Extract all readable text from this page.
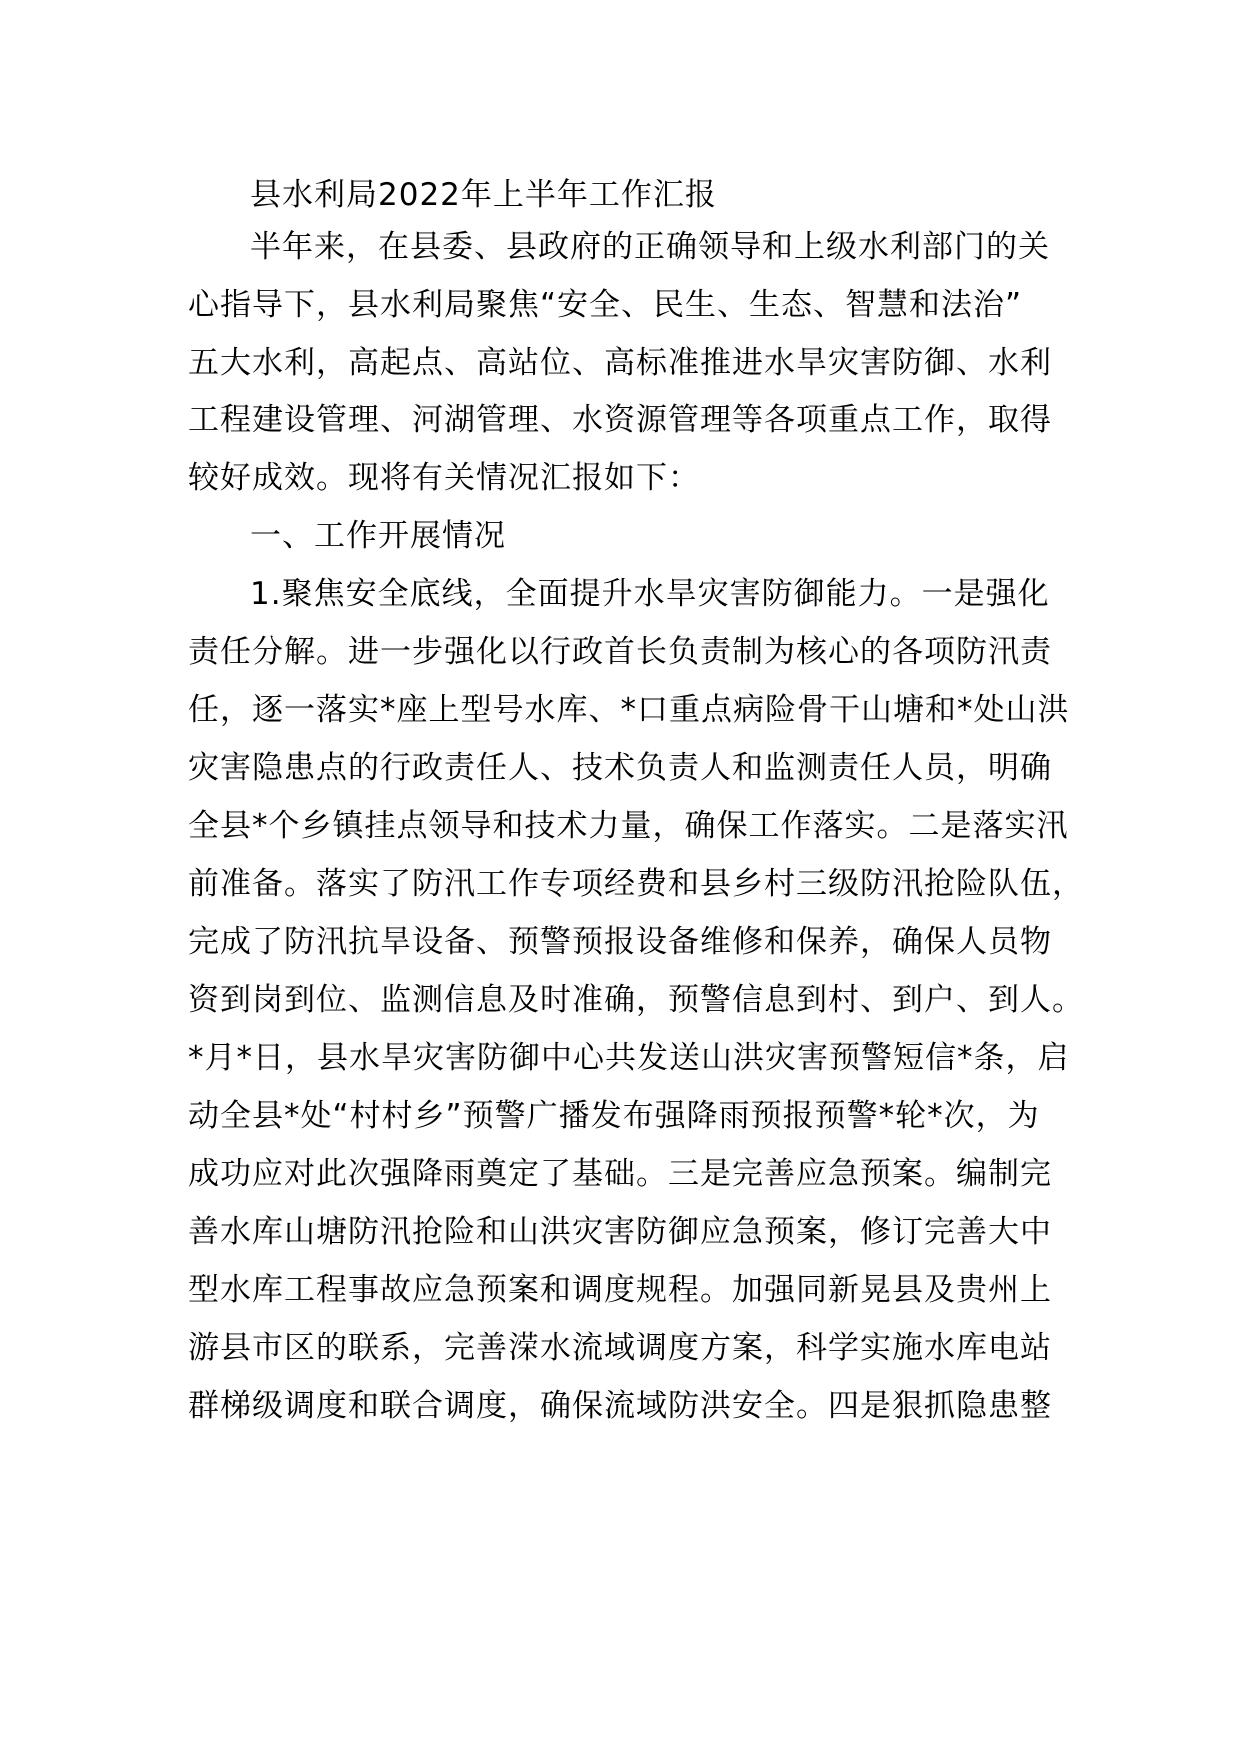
县水利局2022年上半年工作汇报
半年来，在县委、县政府的正确领导和上级水利部门的关
心指导下，县水利局聚焦“安全、民生、生态、智慧和法治”
五大水利，高起点、高站位、高标准推进水旱灾害防御、水利
工程建设管理、河湖管理、水资源管理等各项重点工作，取得
较好成效。现将有关情况汇报如下：
一、工作开展情况
1.聚焦安全底线，全面提升水旱灾害防御能力。一是强化
责任分解。进一步强化以行政首长负责制为核心的各项防汛责
任，逐一落实*座上型号水库、*口重点病险骨干山塘和*处山洪
灾害隐患点的行政责任人、技术负责人和监测责任人员，明确
全县*个乡镇挂点领导和技术力量，确保工作落实。二是落实汛
前准备。落实了防汛工作专项经费和县乡村三级防汛抢险队伍，
完成了防汛抗旱设备、预警预报设备维修和保养，确保人员物
资到岗到位、监测信息及时准确，预警信息到村、到户、到人。
*月*日，县水旱灾害防御中心共发送山洪灾害预警短信*条，启
动全县*处“村村乡”预警广播发布强降雨预报预警*轮*次，为
成功应对此次强降雨奠定了基础。三是完善应急预案。编制完
善水库山塘防汛抢险和山洪灾害防御应急预案，修订完善大中
型水库工程事故应急预案和调度规程。加强同新晃县及贵州上
游县市区的联系，完善溁水流域调度方案，科学实施水库电站
群梯级调度和联合调度，确保流域防洪安全。四是狠抓隐患整
